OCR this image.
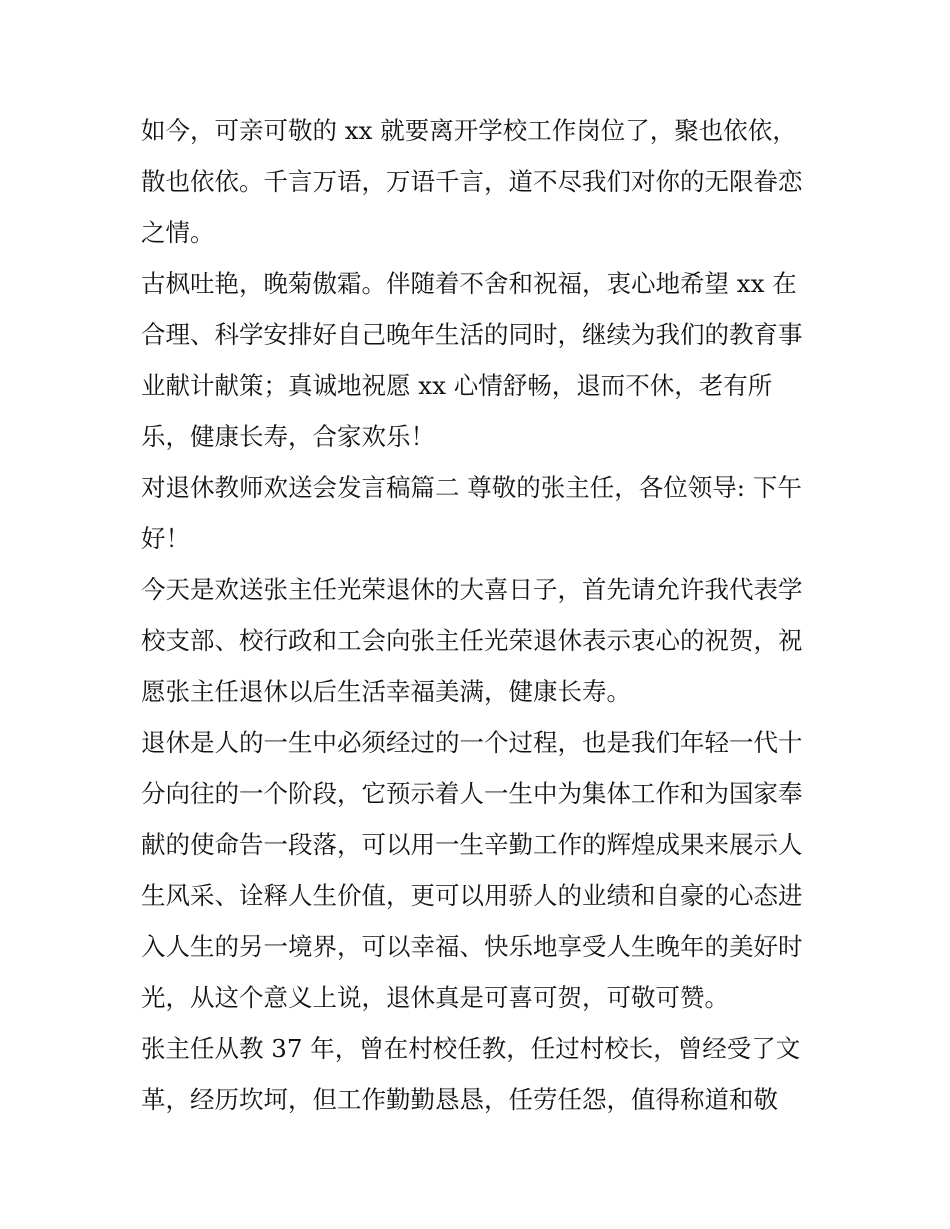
如今，可亲可敬的 xx 就要离开学校工作岗位了，聚也依依，
散也依依。千言万语，万语千言，道不尽我们对你的无限眷恋
之情。
古枫吐艳，晚菊傲霜。伴随着不舍和祝福，衷心地希望 xx 在
合理、科学安排好自己晚年生活的同时，继续为我们的教育事
业献计献策；真诚地祝愿 xx 心情舒畅，退而不休，老有所
乐，健康长寿，合家欢乐！
对退休教师欢送会发言稿篇二 尊敬的张主任，各位领导: 下午
好！
今天是欢送张主任光荣退休的大喜日子，首先请允许我代表学
校支部、校行政和工会向张主任光荣退休表示衷心的祝贺，祝
愿张主任退休以后生活幸福美满，健康长寿。
退休是人的一生中必须经过的一个过程，也是我们年轻一代十
分向往的一个阶段，它预示着人一生中为集体工作和为国家奉
献的使命告一段落，可以用一生辛勤工作的辉煌成果来展示人
生风采、诠释人生价值，更可以用骄人的业绩和自豪的心态进
入人生的另一境界，可以幸福、快乐地享受人生晚年的美好时
光，从这个意义上说，退休真是可喜可贺，可敬可赞。
张主任从教 37 年，曾在村校任教，任过村校长，曾经受了文
革，经历坎坷，但工作勤勤恳恳，任劳任怨，值得称道和敬
